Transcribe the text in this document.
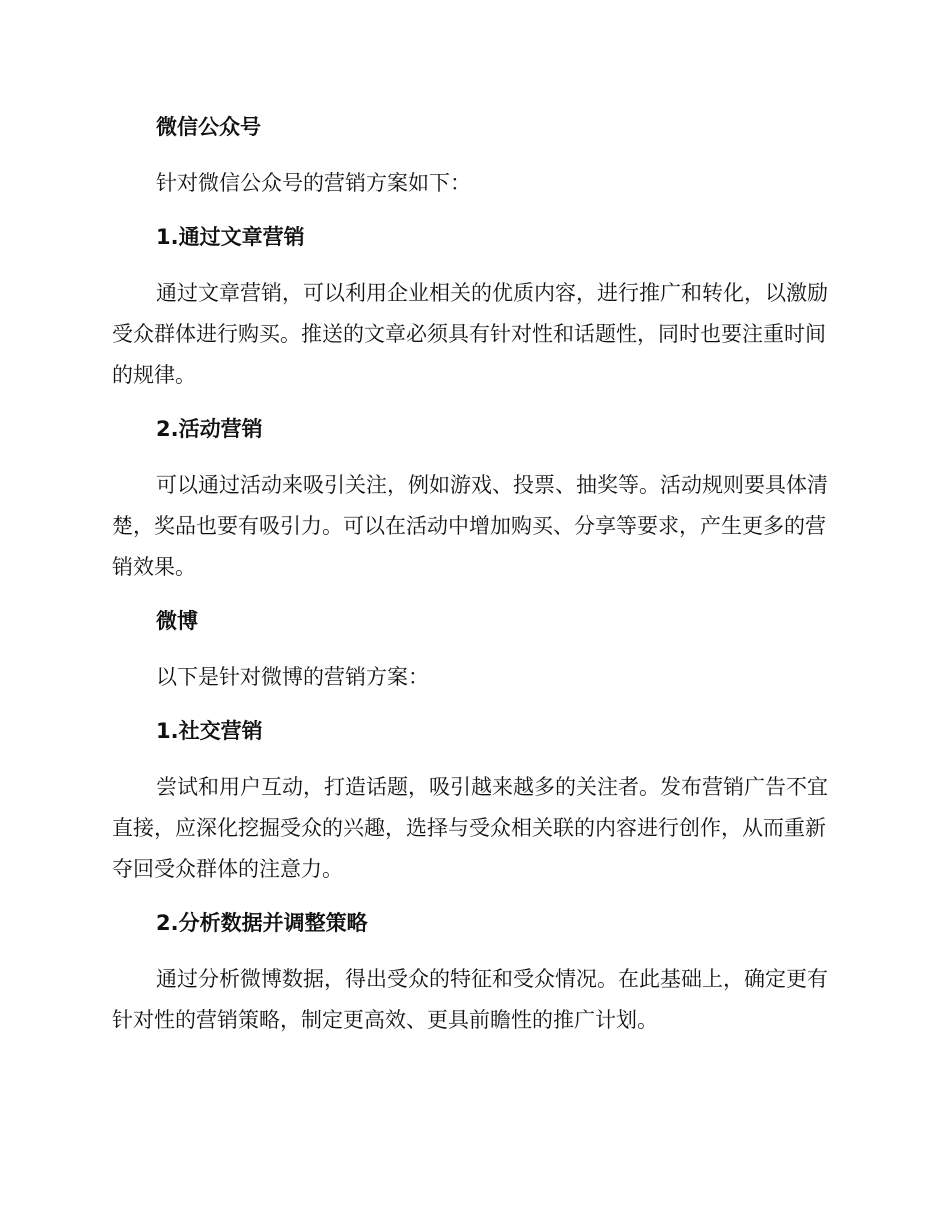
微信公众号

针对微信公众号的营销方案如下：

1.通过文章营销

通过文章营销，可以利用企业相关的优质内容，进行推广和转化，以激励受众群体进行购买。推送的文章必须具有针对性和话题性，同时也要注重时间的规律。

2.活动营销

可以通过活动来吸引关注，例如游戏、投票、抽奖等。活动规则要具体清楚，奖品也要有吸引力。可以在活动中增加购买、分享等要求，产生更多的营销效果。

微博

以下是针对微博的营销方案：

1.社交营销

尝试和用户互动，打造话题，吸引越来越多的关注者。发布营销广告不宜直接，应深化挖掘受众的兴趣，选择与受众相关联的内容进行创作，从而重新夺回受众群体的注意力。

2.分析数据并调整策略

通过分析微博数据，得出受众的特征和受众情况。在此基础上，确定更有针对性的营销策略，制定更高效、更具前瞻性的推广计划。
